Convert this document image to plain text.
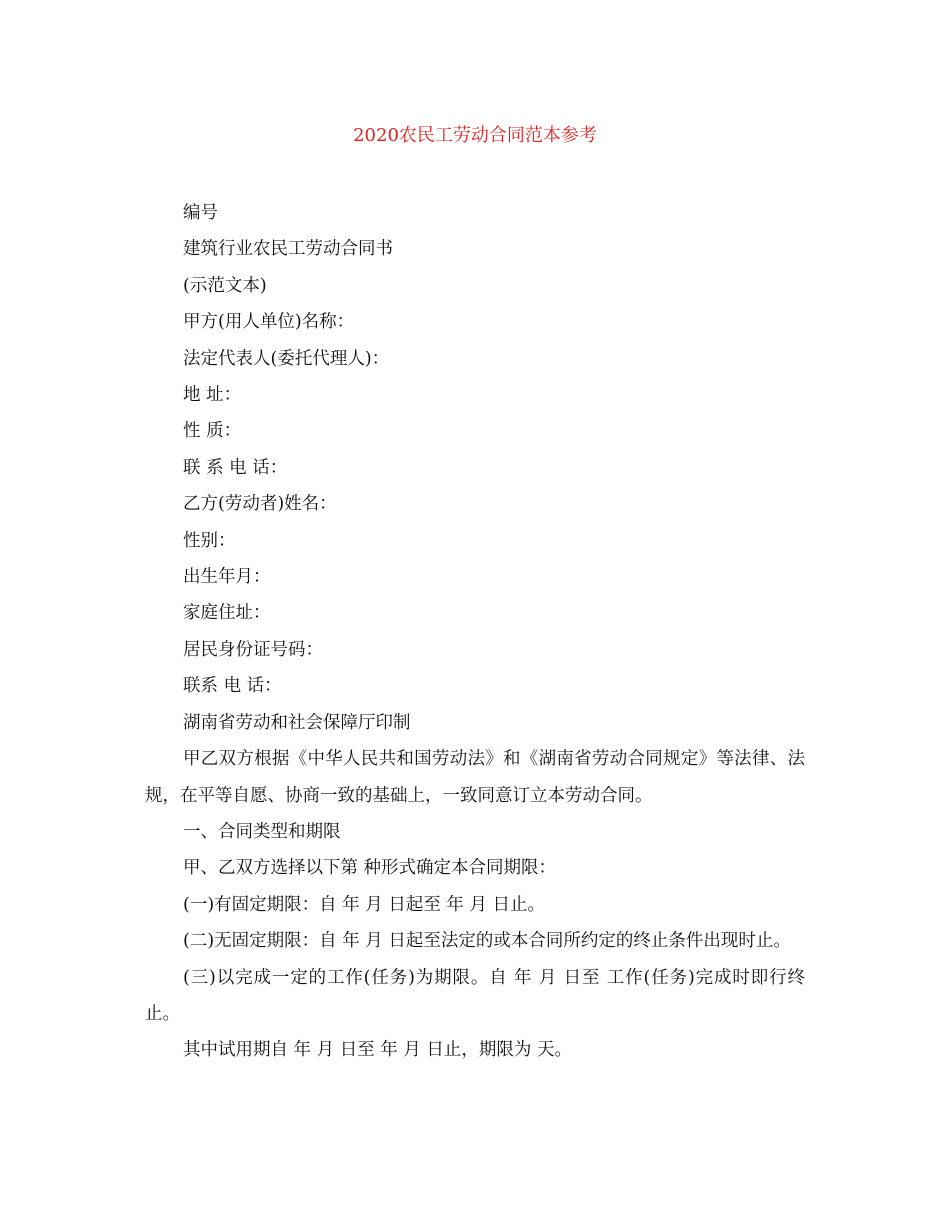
2020农民工劳动合同范本参考

编号

建筑行业农民工劳动合同书

(示范文本)

甲方(用人单位)名称：

法定代表人(委托代理人)：

地 址：

性 质：

联 系 电 话：

乙方(劳动者)姓名：

性别：

出生年月：

家庭住址：

居民身份证号码：

联系 电 话：

湖南省劳动和社会保障厅印制

甲乙双方根据《中华人民共和国劳动法》和《湖南省劳动合同规定》等法律、法规，在平等自愿、协商一致的基础上，一致同意订立本劳动合同。

一、合同类型和期限

甲、乙双方选择以下第 种形式确定本合同期限：

(一)有固定期限：自 年 月 日起至 年 月 日止。

(二)无固定期限：自 年 月 日起至法定的或本合同所约定的终止条件出现时止。

(三)以完成一定的工作(任务)为期限。自 年 月 日至 工作(任务)完成时即行终止。

其中试用期自 年 月 日至 年 月 日止，期限为 天。
